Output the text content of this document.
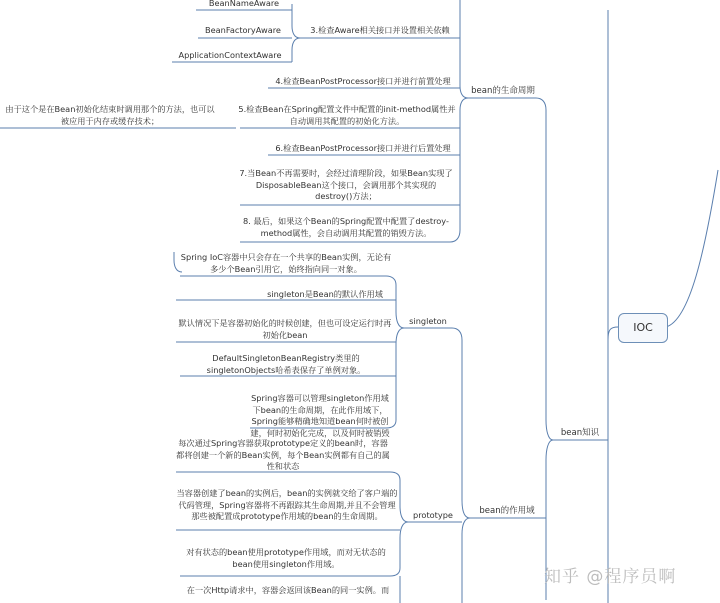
BeanNameAware
BeanFactoryAware
ApplicationContextAware
3.检查Aware相关接口并设置相关依赖
4.检查BeanPostProcessor接口并进行前置处理
5.检查Bean在Spring配置文件中配置的init-method属性并自动调用其配置的初始化方法。
由于这个是在Bean初始化结束时调用那个的方法，也可以被应用于内存或缓存技术；
6.检查BeanPostProcessor接口并进行后置处理
7.当Bean不再需要时，会经过清理阶段，如果Bean实现了DisposableBean这个接口，会调用那个其实现的destroy()方法；
8. 最后，如果这个Bean的Spring配置中配置了destroy-method属性，会自动调用其配置的销毁方法。
bean的生命周期
bean知识
IOC
Spring IoC容器中只会存在一个共享的Bean实例，无论有多少个Bean引用它，始终指向同一对象。
singleton是Bean的默认作用域
默认情况下是容器初始化的时候创建，但也可设定运行时再初始化bean
DefaultSingletonBeanRegistry类里的singletonObjects哈希表保存了单例对象。
Spring容器可以管理singleton作用域下bean的生命周期，在此作用域下，Spring能够精确地知道bean何时被创建，何时初始化完成，以及何时被销毁
singleton
每次通过Spring容器获取prototype定义的bean时，容器都将创建一个新的Bean实例，每个Bean实例都有自己的属性和状态
当容器创建了bean的实例后，bean的实例就交给了客户端的代码管理，Spring容器将不再跟踪其生命周期,并且不会管理那些被配置成prototype作用域的bean的生命周期。
对有状态的bean使用prototype作用域，而对无状态的bean使用singleton作用域。
prototype	bean的作用域
在一次Http请求中，容器会返回该Bean的同一实例。而
知乎 @程序员啊
